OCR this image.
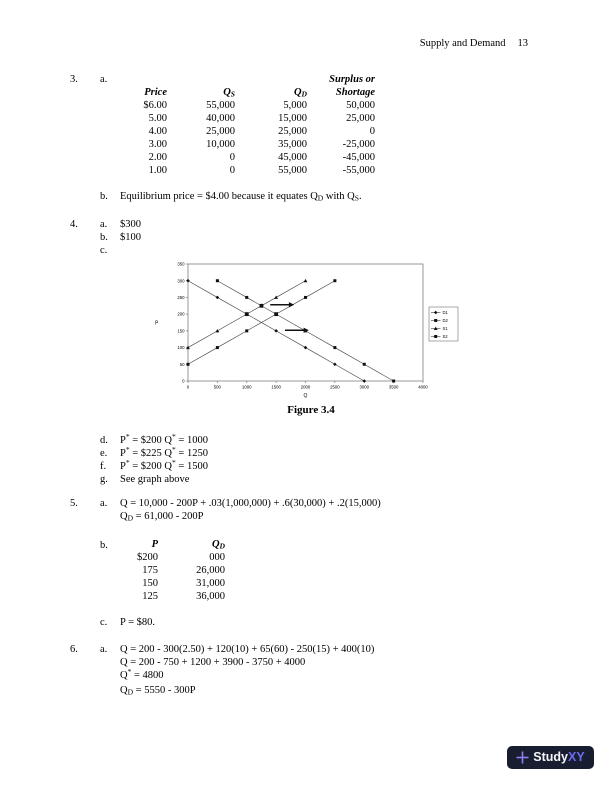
Supply and Demand 13
3. a.	Surplus or
Price	$Q_S$	$Q_D$	Shortage
$6.00	55,000	5,000	50,000
5.00	40,000	15,000	25,000
4.00	25,000	25,000	0
3.00	10,000	35,000	-25,000
2.00	0	45,000	-45,000
1.00	0	55,000	-55,000
b. Equilibrium price = $4.00 because it equates $Q_D$ with $Q_S$.
4. a. $300
b. $100
c.
0
50
100
150
200
250
300
350
0	500	1000	1500	2000	2500	3000	3500	4000
P
Q
D1
D2
S1
S2
Figure 3.4
d. P* = $200 Q* = 1000
e. P* = $225 Q* = 1250
f. P* = $200 Q* = 1500
g. See graph above
5. a. Q = 10,000 - 200P + .03(1,000,000) + .6(30,000) + .2(15,000)
$Q_D = 61,000 - 200P$
b.	P	$Q_D$
$200	000
175	26,000
150	31,000
125	36,000
c. P = $80.
6. a. Q = 200 - 300(2.50) + 120(10) + 65(60) - 250(15) + 400(10)
Q = 200 - 750 + 1200 + 3900 - 3750 + 4000
Q* = 4800
$Q_D = 5550 - 300P$
Study XY
